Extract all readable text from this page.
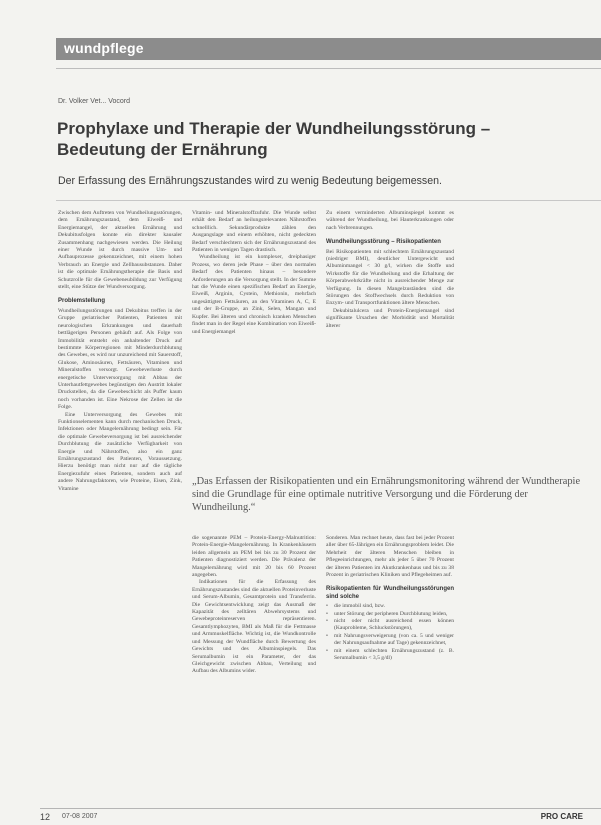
wundpflege
Dr. Volker Vet... Vocord
Prophylaxe und Therapie der Wundheilungsstörung – Bedeutung der Ernährung
Der Erfassung des Ernährungszustandes wird zu wenig Bedeutung beigemessen.

Zwischen dem Auftreten von Wundheilungsstörungen, dem Ernährungszustand, dem Eiweiß- und Energiemangel, der aktuellen Ernährung und Dekubitusfolgen konnte ein direkter kausaler Zusammenhang nachgewiesen werden. Die Heilung einer Wunde ist durch massive Um- und Aufbauprozesse gekennzeichnet, mit einem hohen Verbrauch an Energie und Zellbausubstanzen. Daher ist die optimale Ernährungstherapie die Basis und Schutzrolle für die Gewebeneubildung zur Verfügung stellt, eine Stütze der Wundversorgung.

Problemstellung

Wundheilungsstörungen und Dekubitus treffen in der Gruppe geriatrischer Patienten, Patienten mit neurologischen Erkrankungen und dauerhaft bettlägerigen Personen gehäuft auf. Als Folge von Immobilität entsteht ein anhaltender Druck auf bestimmte Körperregionen mit Minderdurchblutung des Gewebes, es wird nur unzureichend mit Sauerstoff, Glukose, Aminosäuren, Fettsäuren, Vitaminen und Mineralstoffen versorgt. Gewebeverluste durch energetische Unterversorgung mit Abbau der Unterhautfettgewebes begünstigen den Austritt lokaler Druckstellen, da die Gewebeschicht als Puffer kaum noch vorhanden ist. Eine Nekrose der Zellen ist die Folge.

Eine Unterversorgung des Gewebes mit Funktionselementen kann durch mechanischen Druck, Infektionen oder Mangelernährung bedingt sein. Für die optimale Gewebeversorgung ist bei ausreichender Durchblutung die zusätzliche Verfügbarkeit von Energie und Nährstoffen, also ein ganz Ernährungszustand des Patienten, Voraussetzung. Hierzu benötigt man nicht nur auf die tägliche Energiezufuhr eines Patienten, sondern auch auf andere Nahrungsfaktoren, wie Proteine, Eisen, Zink, Vitamine

Vitamin- und Mineralstoffzufuhr. Die Wunde selbst erhält den Bedarf an heilungsrelevanten Nährstoffen schnelllich. Sekundärprodukte zählen den Ausgangslage und einem erhöhten, nicht gedeckten Bedarf verschlechtern sich der Ernährungszustand des Patienten in wenigen Tagen drastisch.

Wundheilung ist ein komplexer, dreiphasiger Prozess, wo deren jede Phase – über den normalen Bedarf des Patienten hinaus – besondere Anforderungen an die Versorgung stellt. In der Summe hat die Wunde einen spezifischen Bedarf an Energie, Eiweiß, Arginin, Cystein, Methionin, mehrfach ungesättigten Fettsäuren, an den Vitaminen A, C, E und der B-Gruppe, an Zink, Selen, Mangan und Kupfer. Bei älteren und chronisch kranken Menschen findet man in der Regel eine Kombination von Eiweiß- und Energiemangel

Zu einem verminderten Albuminspiegel kommt es während der Wundheilung, bei Hauterkrankungen oder nach Verbrennungen.

Wundheilungsstörung – Risikopatienten

Bei Risikopatienten mit schlechtem Ernährungszustand (niedriger BMI), deutlicher Untergewicht und Albuminmangel < 30 g/l, wirken die Stoffe und Wirkstoffe für die Wundheilung und die Erhaltung der Körperabwehrkräfte nicht in ausreichender Menge zur Verfügung. In diesen Mangelzuständen sind die Störungen des Stoffwechsels durch Reduktion von Enzym- und Transportfunktionen ältere Menschen.

Dekubitalulcera und Protein-Energiemangel sind signifikante Ursachen der Morbidität und Mortalität älterer

„Das Erfassen der Risikopatienten und ein Ernährungsmonitoring während der Wundtherapie sind die Grundlage für eine optimale nutritive Versorgung und die Förderung der Wundheilung.“

die sogenannte PEM – Protein-Energy-Malnutrition: Protein-Energie-Mangelernährung. In Krankenhäusern leiden allgemein an PEM bei bis zu 30 Prozent der Patienten diagnostiziert werden. Die Prävalenz der Mangelernährung wird mit 20 bis 60 Prozent angegeben.

Indikationen für die Erfassung des Ernährungszustandes sind die aktuellen Proteinverluste und Serum-Albumin, Gesamtprotein und Transferrin. Die Gewichtsentwicklung zeigt das Ausmaß der Kapazität des zelltären Abwehrsystems und Gewebeproteinreserven repräsentieren. Gesamtlymphozyten, BMI als Maß für die Fettmasse und Armmuskelfläche. Wichtig ist, die Wundkontrolle und Messung der Wundfläche durch Bewertung des Gewichts und des Albuminspiegels. Das Serumalbumin ist ein Parameter, der das Gleichgewicht zwischen Abbau, Verteilung und Aufbau des Albumins wider.

Sonderen. Man rechnet heute, dass fast bei jeder Prozent aller über 65-Jährigen ein Ernährungsproblem leidet. Die Mehrheit der älteren Menschen bleiben in Pflegeeinrichtungen, mehr als jeder 5 über 70 Prozent der älteren Patienten im Akutkrankenhaus und bis zu 38 Prozent in geriatrischen Kliniken und Pflegeheimen auf.

Risikopatienten für Wundheilungsstörungen sind solche
• die immobil sind, bzw.
• unter Störung der peripheren Durchblutung leiden,
• nicht oder nicht ausreichend essen können (Kauprobleme, Schluckstörungen),
• mit Nahrungsverweigerung (von ca. 5 und weniger der Nahrungsaufnahme auf Tage) gekennzeichnet,
• mit einem schlechten Ernährungszustand (z. B. Serumalbumin < 3,5 g/dl)
12 07-08 2007	PRO CARE
